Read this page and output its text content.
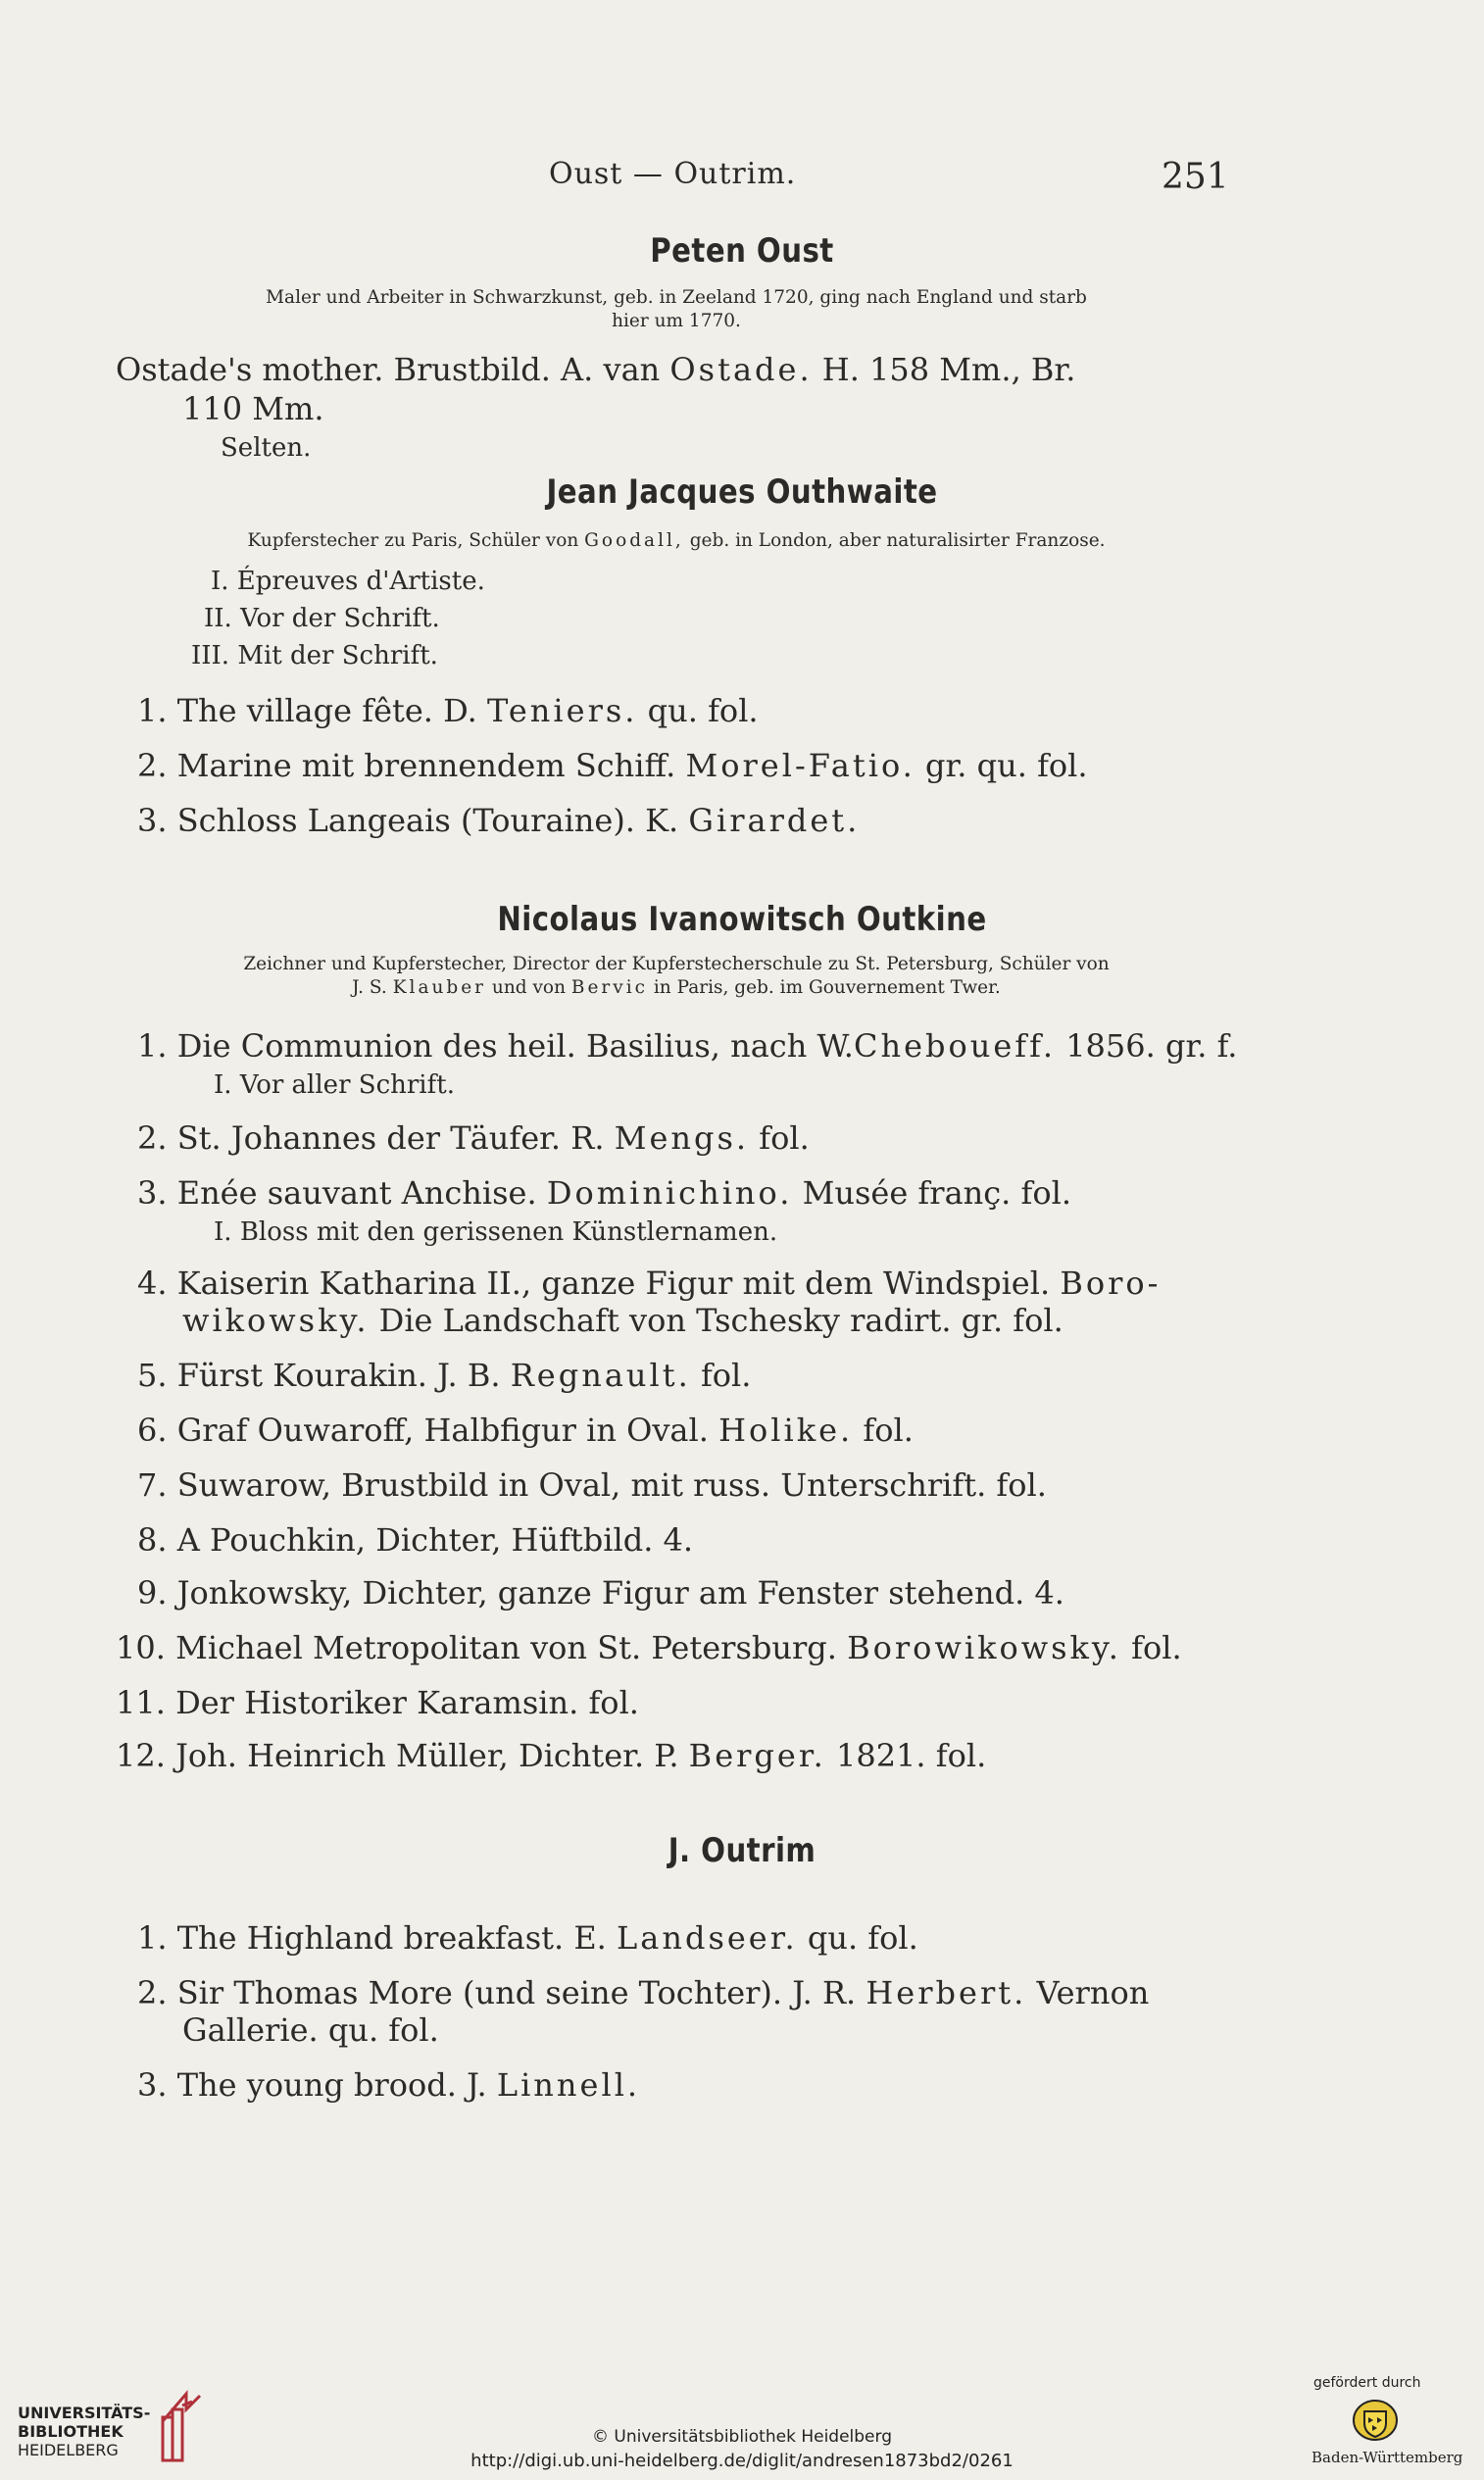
Oust — Outrim.	251
Peten Oust
Maler und Arbeiter in Schwarzkunst, geb. in Zeeland 1720, ging nach England und starb
hier um 1770.
Ostade's mother. Brustbild. A. van Ostade. H. 158 Mm., Br.
110 Mm.
Selten.
Jean Jacques Outhwaite
Kupferstecher zu Paris, Schüler von Goodall, geb. in London, aber naturalisirter Franzose.
I. Épreuves d'Artiste.
II. Vor der Schrift.
III. Mit der Schrift.
1. The village fête. D. Teniers. qu. fol.
2. Marine mit brennendem Schiff. Morel-Fatio. gr. qu. fol.
3. Schloss Langeais (Touraine). K. Girardet.
Nicolaus Ivanowitsch Outkine
Zeichner und Kupferstecher, Director der Kupferstecherschule zu St. Petersburg, Schüler von
J. S. Klauber und von Bervic in Paris, geb. im Gouvernement Twer.
1. Die Communion des heil. Basilius, nach W.Cheboueff. 1856. gr. f.
I. Vor aller Schrift.
2. St. Johannes der Täufer. R. Mengs. fol.
3. Enée sauvant Anchise. Dominichino. Musée franç. fol.
I. Bloss mit den gerissenen Künstlernamen.
4. Kaiserin Katharina II., ganze Figur mit dem Windspiel. Boro-
wikowsky. Die Landschaft von Tschesky radirt. gr. fol.
5. Fürst Kourakin. J. B. Regnault. fol.
6. Graf Ouwaroff, Halbfigur in Oval. Holike. fol.
7. Suwarow, Brustbild in Oval, mit russ. Unterschrift. fol.
8. A Pouchkin, Dichter, Hüftbild. 4.
9. Jonkowsky, Dichter, ganze Figur am Fenster stehend. 4.
10. Michael Metropolitan von St. Petersburg. Borowikowsky. fol.
11. Der Historiker Karamsin. fol.
12. Joh. Heinrich Müller, Dichter. P. Berger. 1821. fol.
J. Outrim
1. The Highland breakfast. E. Landseer. qu. fol.
2. Sir Thomas More (und seine Tochter). J. R. Herbert. Vernon
Gallerie. qu. fol.
3. The young brood. J. Linnell.
UNIVERSITÄTS-
BIBLIOTHEK
HEIDELBERG
© Universitätsbibliothek Heidelberg
http://digi.ub.uni-heidelberg.de/diglit/andresen1873bd2/0261
gefördert durch
Baden-Württemberg
